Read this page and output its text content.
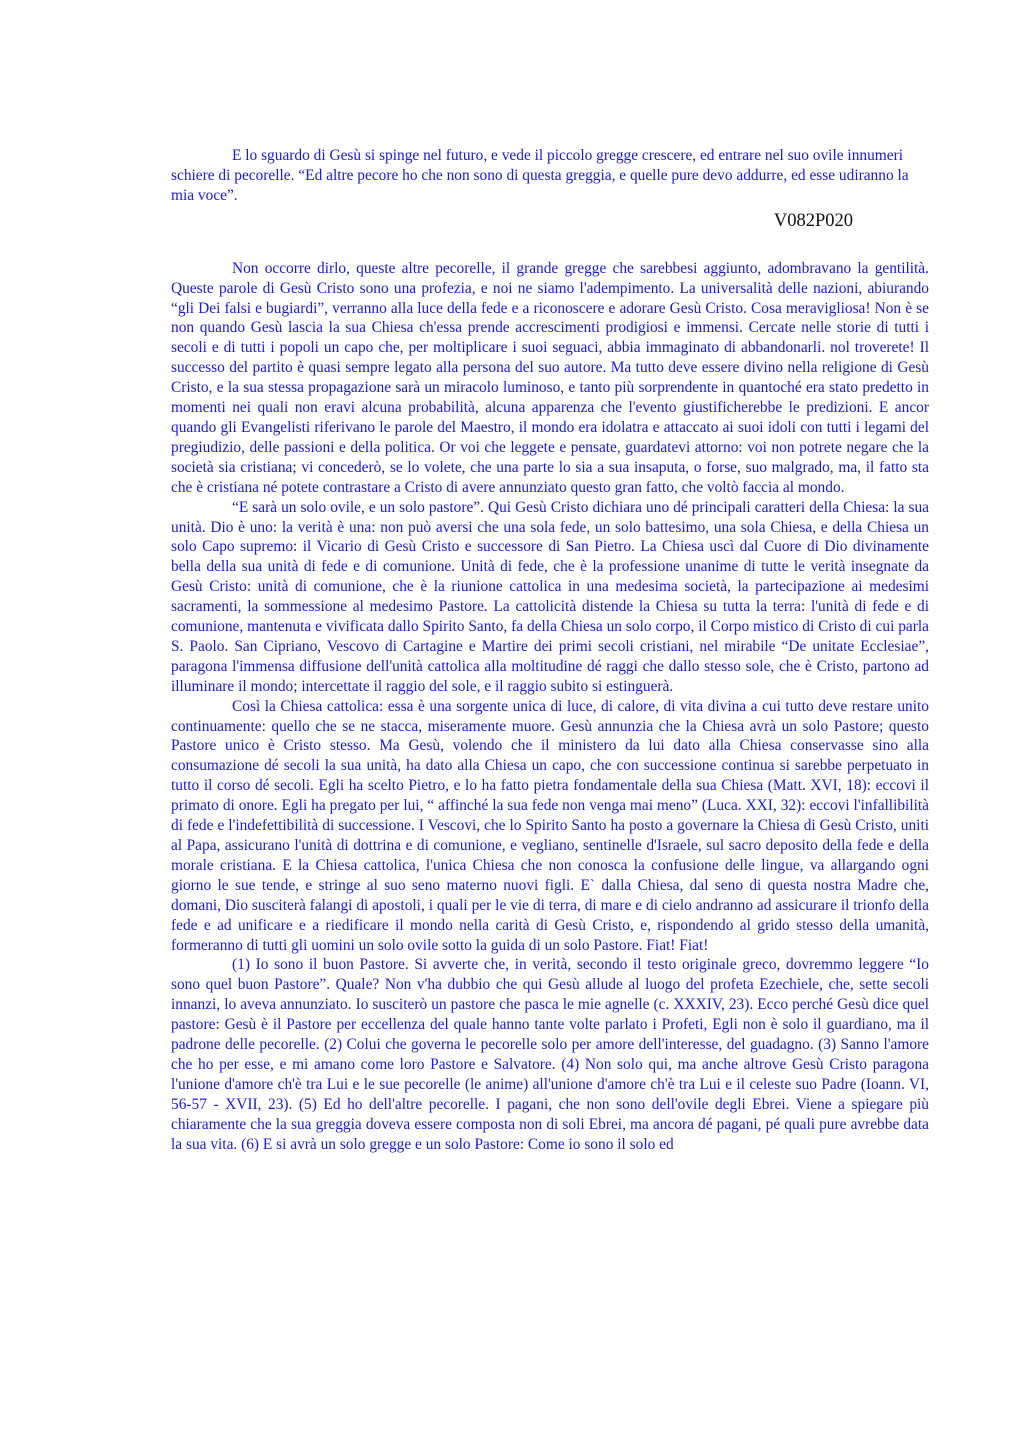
E lo sguardo di Gesù si spinge nel futuro, e vede il piccolo gregge crescere, ed entrare nel suo ovile innumeri schiere di pecorelle. “Ed altre pecore ho che non sono di questa greggia, e quelle pure devo addurre, ed esse udiranno la mia voce”.

V082P020

Non occorre dirlo, queste altre pecorelle, il grande gregge che sarebbesi aggiunto, adombravano la gentilità. Queste parole di Gesù Cristo sono una profezia, e noi ne siamo l'adempimento. La universalità delle nazioni, abiurando “gli Dei falsi e bugiardi”, verranno alla luce della fede e a riconoscere e adorare Gesù Cristo. Cosa meravigliosa! Non è se non quando Gesù lascia la sua Chiesa ch'essa prende accrescimenti prodigiosi e immensi. Cercate nelle storie di tutti i secoli e di tutti i popoli un capo che, per moltiplicare i suoi seguaci, abbia immaginato di abbandonarli. nol troverete! Il successo del partito è quasi sempre legato alla persona del suo autore. Ma tutto deve essere divino nella religione di Gesù Cristo, e la sua stessa propagazione sarà un miracolo luminoso, e tanto più sorprendente in quantoché era stato predetto in momenti nei quali non eravi alcuna probabilità, alcuna apparenza che l'evento giustificherebbe le predizioni. E ancor quando gli Evangelisti riferivano le parole del Maestro, il mondo era idolatra e attaccato ai suoi idoli con tutti i legami del pregiudizio, delle passioni e della politica. Or voi che leggete e pensate, guardatevi attorno: voi non potrete negare che la società sia cristiana; vi concederò, se lo volete, che una parte lo sia a sua insaputa, o forse, suo malgrado, ma, il fatto sta che è cristiana né potete contrastare a Cristo di avere annunziato questo gran fatto, che voltò faccia al mondo.

“E sarà un solo ovile, e un solo pastore”. Qui Gesù Cristo dichiara uno dé principali caratteri della Chiesa: la sua unità. Dio è uno: la verità è una: non può aversi che una sola fede, un solo battesimo, una sola Chiesa, e della Chiesa un solo Capo supremo: il Vicario di Gesù Cristo e successore di San Pietro. La Chiesa uscì dal Cuore di Dio divinamente bella della sua unità di fede e di comunione. Unità di fede, che è la professione unanime di tutte le verità insegnate da Gesù Cristo: unità di comunione, che è la riunione cattolica in una medesima società, la partecipazione ai medesimi sacramenti, la sommessione al medesimo Pastore. La cattolicità distende la Chiesa su tutta la terra: l'unità di fede e di comunione, mantenuta e vivificata dallo Spirito Santo, fa della Chiesa un solo corpo, il Corpo mistico di Cristo di cui parla S. Paolo. San Cipriano, Vescovo di Cartagine e Martire dei primi secoli cristiani, nel mirabile “De unitate Ecclesiae”, paragona l'immensa diffusione dell'unità cattolica alla moltitudine dé raggi che dallo stesso sole, che è Cristo, partono ad illuminare il mondo; intercettate il raggio del sole, e il raggio subito si estinguerà.

Così la Chiesa cattolica: essa è una sorgente unica di luce, di calore, di vita divina a cui tutto deve restare unito continuamente: quello che se ne stacca, miseramente muore. Gesù annunzia che la Chiesa avrà un solo Pastore; questo Pastore unico è Cristo stesso. Ma Gesù, volendo che il ministero da lui dato alla Chiesa conservasse sino alla consumazione dé secoli la sua unità, ha dato alla Chiesa un capo, che con successione continua si sarebbe perpetuato in tutto il corso dé secoli. Egli ha scelto Pietro, e lo ha fatto pietra fondamentale della sua Chiesa (Matt. XVI, 18): eccovi il primato di onore. Egli ha pregato per lui, “ affinché la sua fede non venga mai meno” (Luca. XXI, 32): eccovi l'infallibilità di fede e l'indefettibilità di successione. I Vescovi, che lo Spirito Santo ha posto a governare la Chiesa di Gesù Cristo, uniti al Papa, assicurano l'unità di dottrina e di comunione, e vegliano, sentinelle d'Israele, sul sacro deposito della fede e della morale cristiana. E la Chiesa cattolica, l'unica Chiesa che non conosca la confusione delle lingue, va allargando ogni giorno le sue tende, e stringe al suo seno materno nuovi figli. E` dalla Chiesa, dal seno di questa nostra Madre che, domani, Dio susciterà falangi di apostoli, i quali per le vie di terra, di mare e di cielo andranno ad assicurare il trionfo della fede e ad unificare e a riedificare il mondo nella carità di Gesù Cristo, e, rispondendo al grido stesso della umanità, formeranno di tutti gli uomini un solo ovile sotto la guida di un solo Pastore. Fiat! Fiat!

(1) Io sono il buon Pastore. Si avverte che, in verità, secondo il testo originale greco, dovremmo leggere “Io sono quel buon Pastore”. Quale? Non v'ha dubbio che qui Gesù allude al luogo del profeta Ezechiele, che, sette secoli innanzi, lo aveva annunziato. Io susciterò un pastore che pasca le mie agnelle (c. XXXIV, 23). Ecco perché Gesù dice quel pastore: Gesù è il Pastore per eccellenza del quale hanno tante volte parlato i Profeti, Egli non è solo il guardiano, ma il padrone delle pecorelle. (2) Colui che governa le pecorelle solo per amore dell'interesse, del guadagno. (3) Sanno l'amore che ho per esse, e mi amano come loro Pastore e Salvatore. (4) Non solo qui, ma anche altrove Gesù Cristo paragona l'unione d'amore ch'è tra Lui e le sue pecorelle (le anime) all'unione d'amore ch'è tra Lui e il celeste suo Padre (Ioann. VI, 56-57 - XVII, 23). (5) Ed ho dell'altre pecorelle. I pagani, che non sono dell'ovile degli Ebrei. Viene a spiegare più chiaramente che la sua greggia doveva essere composta non di soli Ebrei, ma ancora dé pagani, pé quali pure avrebbe data la sua vita. (6) E si avrà un solo gregge e un solo Pastore: Come io sono il solo ed
